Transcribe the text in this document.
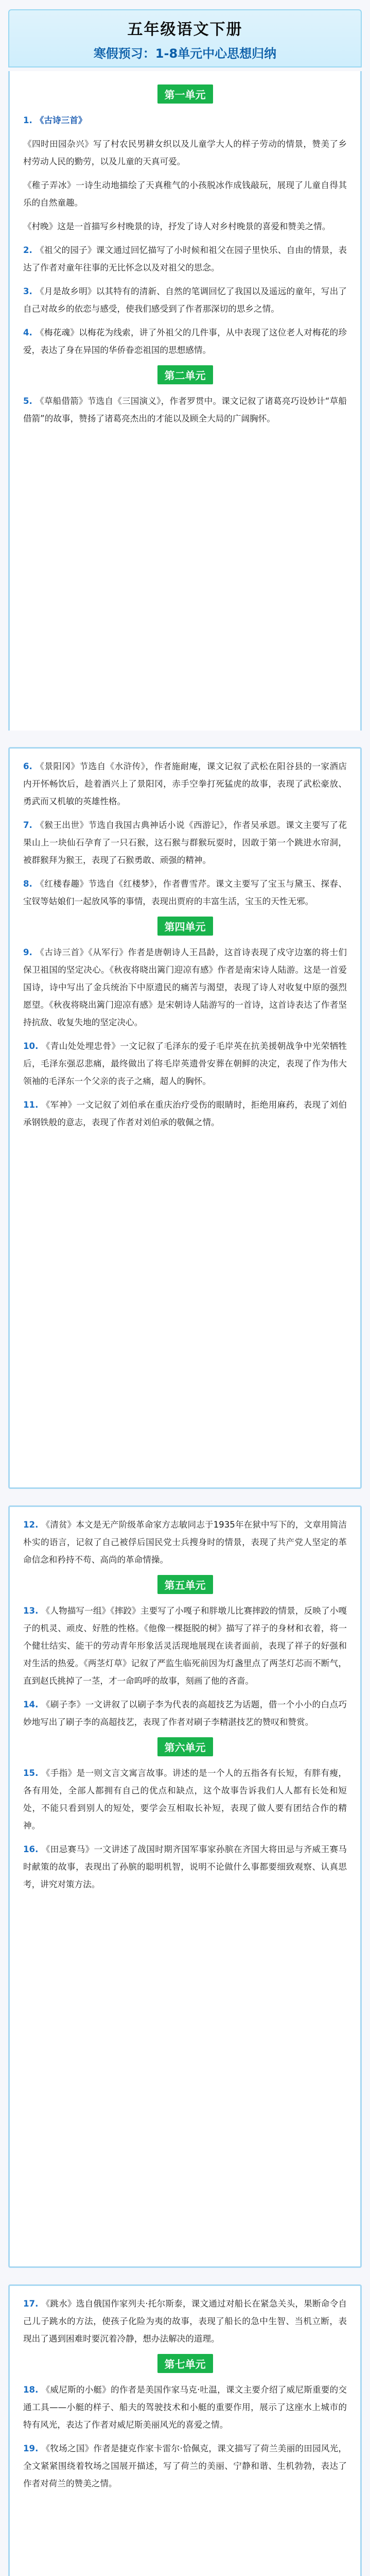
五年级语文下册
寒假预习：1-8单元中心思想归纳
第一单元

1. 《古诗三首》

《四时田园杂兴》写了村农民男耕女织以及儿童学大人的样子劳动的情景，赞美了乡村劳动人民的勤劳，以及儿童的天真可爱。

《稚子弄冰》一诗生动地描绘了天真稚气的小孩脱冰作成钱敲玩，展现了儿童自得其乐的自然童趣。

《村晚》这是一首描写乡村晚景的诗，抒发了诗人对乡村晚景的喜爱和赞美之情。

2. 《祖父的园子》课文通过回忆描写了小时候和祖父在园子里快乐、自由的情景，表达了作者对童年往事的无比怀念以及对祖父的思念。

3. 《月是故乡明》以其特有的清新、自然的笔调回忆了我国以及遥远的童年，写出了自己对故乡的依恋与感受，使我们感受到了作者那深切的思乡之情。

4. 《梅花魂》以梅花为线索，讲了外祖父的几件事，从中表现了这位老人对梅花的珍爱，表达了身在异国的华侨眷恋祖国的思想感情。

第二单元

5. 《草船借箭》节选自《三国演义》，作者罗贯中。课文记叙了诸葛亮巧设妙计“草船借箭”的故事，赞扬了诸葛亮杰出的才能以及顾全大局的广阔胸怀。

6. 《景阳冈》节选自《水浒传》，作者施耐庵，课文记叙了武松在阳谷县的一家酒店内开怀畅饮后，趁着酒兴上了景阳冈，赤手空拳打死猛虎的故事，表现了武松豪放、勇武而又机敏的英雄性格。

7. 《猴王出世》节选自我国古典神话小说《西游记》，作者吴承恩。课文主要写了花果山上一块仙石孕育了一只石猴，这石猴与群猴玩耍时，因敢于第一个跳进水帘洞，被群猴拜为猴王，表现了石猴勇敢、顽强的精神。

8. 《红楼春趣》节选自《红楼梦》，作者曹雪芹。课文主要写了宝玉与黛玉、探春、宝钗等姑娘们一起放风筝的事情，表现出贾府的丰富生活，宝玉的天性无邪。

第四单元

9. 《古诗三首》《从军行》作者是唐朝诗人王昌龄，这首诗表现了戍守边塞的将士们保卫祖国的坚定决心。《秋夜将晓出篱门迎凉有感》作者是南宋诗人陆游。这是一首爱国诗，诗中写出了金兵统治下中原遗民的痛苦与渴望，表现了诗人对收复中原的强烈愿望。《秋夜将晓出篱门迎凉有感》是宋朝诗人陆游写的一首诗，这首诗表达了作者坚持抗敌、收复失地的坚定决心。

10. 《青山处处埋忠骨》一文记叙了毛泽东的爱子毛岸英在抗美援朝战争中光荣牺牲后，毛泽东强忍悲痛，最终做出了将毛岸英遗骨安葬在朝鲜的决定，表现了作为伟大领袖的毛泽东一个父亲的丧子之痛，超人的胸怀。

11. 《军神》一文记叙了刘伯承在重庆治疗受伤的眼睛时，拒绝用麻药，表现了刘伯承钢铁般的意志，表现了作者对刘伯承的敬佩之情。

12. 《清贫》本文是无产阶级革命家方志敏同志于1935年在狱中写下的，文章用简洁朴实的语言，记叙了自己被俘后国民党士兵搜身时的情景，表现了共产党人坚定的革命信念和矜持不苟、高尚的革命情操。

第五单元

13. 《人物描写一组》《摔跤》主要写了小嘎子和胖墩儿比赛摔跤的情景，反映了小嘎子的机灵、顽皮、好胜的性格。《他像一棵挺脱的树》描写了祥子的身材和衣着，将一个健壮结实、能干的劳动青年形象活灵活现地展现在读者面前，表现了祥子的好强和对生活的热爱。《两茎灯草》记叙了严监生临死前因为灯盏里点了两茎灯芯而不断气，直到赵氏挑掉了一茎，才一命呜呼的故事，刻画了他的吝啬。

14. 《刷子李》一文讲叙了以刷子李为代表的高超技艺为话题，借一个小小的白点巧妙地写出了刷子李的高超技艺，表现了作者对刷子李精湛技艺的赞叹和赞赏。

第六单元

15. 《手指》是一则文言文寓言故事。讲述的是一个人的五指各有长短，有胖有瘦，各有用处，全部人都拥有自己的优点和缺点，这个故事告诉我们人人都有长处和短处，不能只看到别人的短处，要学会互相取长补短，表现了做人要有团结合作的精神。

16. 《田忌赛马》一文讲述了战国时期齐国军事家孙膑在齐国大将田忌与齐威王赛马时献策的故事，表现出了孙膑的聪明机智，说明不论做什么事都要细致观察、认真思考，讲究对策方法。

17. 《跳水》选自俄国作家列夫·托尔斯泰，课文通过对船长在紧急关头，果断命令自己儿子跳水的方法，使孩子化险为夷的故事，表现了船长的急中生智、当机立断，表现出了遇到困难时要沉着冷静，想办法解决的道理。

第七单元

18. 《威尼斯的小艇》的作者是美国作家马克·吐温，课文主要介绍了威尼斯重要的交通工具——小艇的样子、船夫的驾驶技术和小艇的重要作用，展示了这座水上城市的特有风光，表达了作者对威尼斯美丽风光的喜爱之情。

19. 《牧场之国》作者是捷克作家卡雷尔·恰佩克，课文描写了荷兰美丽的田园风光，全文紧紧围绕着牧场之国展开描述，写了荷兰的美丽、宁静和谐、生机勃勃，表达了作者对荷兰的赞美之情。
